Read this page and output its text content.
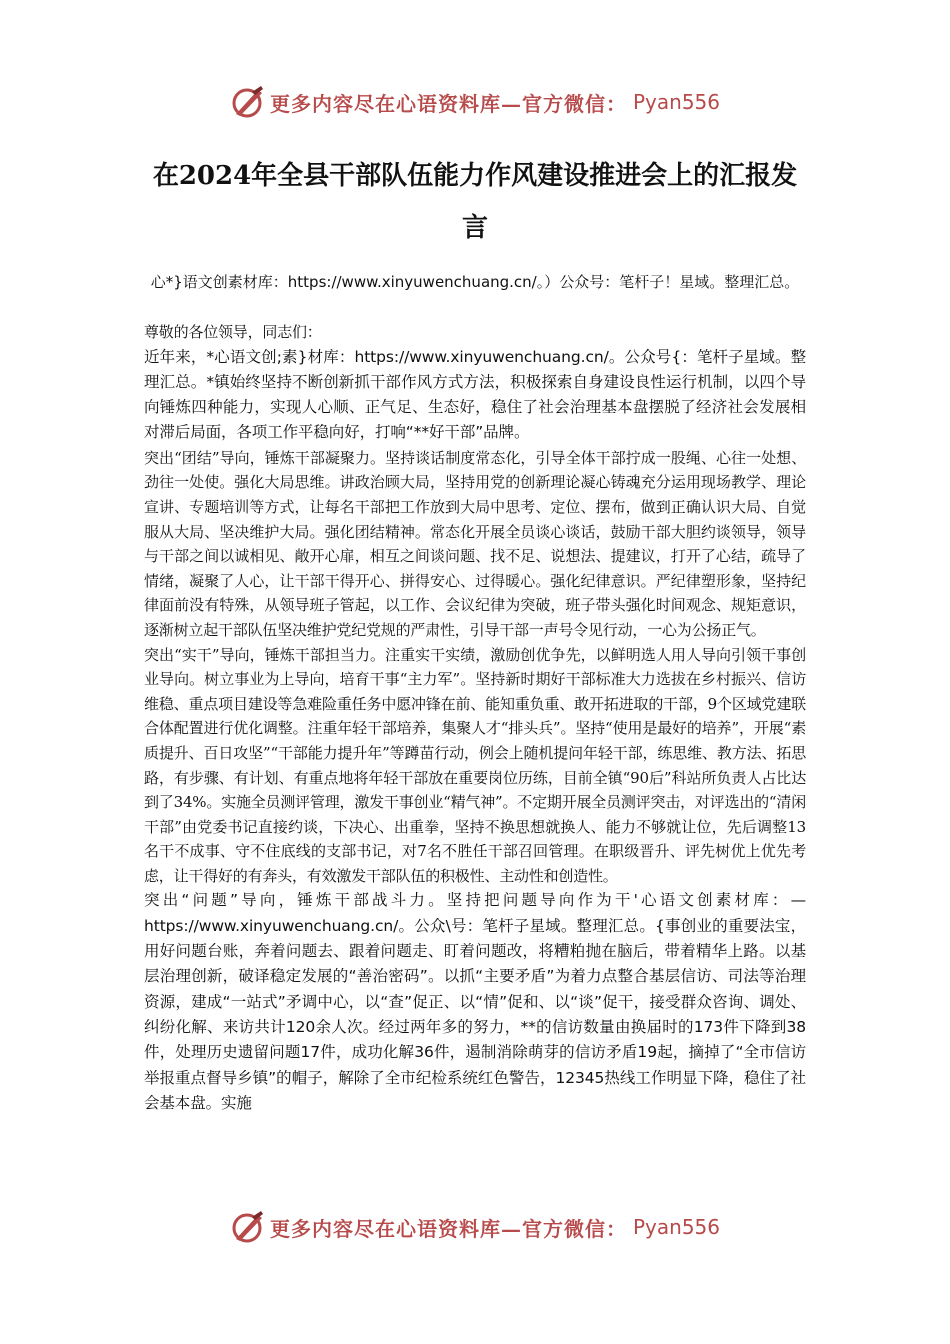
更多内容尽在心语资料库—官方微信： Pyan556
在2024年全县干部队伍能力作风建设推进会上的汇报发言
心*}语文创素材库：https://www.xinyuwenchuang.cn/。）公众号：笔杆子！星域。整理汇总。

尊敬的各位领导，同志们：

近年来，*心语文创;素}材库：https://www.xinyuwenchuang.cn/。公众号{：笔杆子星域。整理汇总。*镇始终坚持不断创新抓干部作风方式方法，积极探索自身建设良性运行机制，以四个导向锤炼四种能力，实现人心顺、正气足、生态好，稳住了社会治理基本盘摆脱了经济社会发展相对滞后局面，各项工作平稳向好，打响“**好干部”品牌。

突出“团结”导向，锤炼干部凝聚力。坚持谈话制度常态化，引导全体干部拧成一股绳、心往一处想、劲往一处使。强化大局思维。讲政治顾大局，坚持用党的创新理论凝心铸魂充分运用现场教学、理论宣讲、专题培训等方式，让每名干部把工作放到大局中思考、定位、摆布，做到正确认识大局、自觉服从大局、坚决维护大局。强化团结精神。常态化开展全员谈心谈话，鼓励干部大胆约谈领导，领导与干部之间以诚相见、敞开心扉，相互之间谈问题、找不足、说想法、提建议，打开了心结，疏导了情绪，凝聚了人心，让干部干得开心、拼得安心、过得暖心。强化纪律意识。严纪律塑形象，坚持纪律面前没有特殊，从领导班子管起，以工作、会议纪律为突破，班子带头强化时间观念、规矩意识，逐渐树立起干部队伍坚决维护党纪党规的严肃性，引导干部一声号令见行动，一心为公扬正气。

突出“实干”导向，锤炼干部担当力。注重实干实绩，激励创优争先，以鲜明选人用人导向引领干事创业导向。树立事业为上导向，培育干事“主力军”。坚持新时期好干部标准大力选拔在乡村振兴、信访维稳、重点项目建设等急难险重任务中愿冲锋在前、能知重负重、敢开拓进取的干部，9个区域党建联合体配置进行优化调整。注重年轻干部培养，集聚人才“排头兵”。坚持“使用是最好的培养”，开展“素质提升、百日攻坚”“干部能力提升年”等蹲苗行动，例会上随机提问年轻干部，练思维、教方法、拓思路，有步骤、有计划、有重点地将年轻干部放在重要岗位历练，目前全镇“90后”科站所负责人占比达到了34%。实施全员测评管理，激发干事创业“精气神”。不定期开展全员测评突击，对评选出的“清闲干部”由党委书记直接约谈，下决心、出重拳，坚持不换思想就换人、能力不够就让位，先后调整13名干不成事、守不住底线的支部书记，对7名不胜任干部召回管理。在职级晋升、评先树优上优先考虑，让干得好的有奔头，有效激发干部队伍的积极性、主动性和创造性。

突出“问题”导向，锤炼干部战斗力。坚持把问题导向作为干'心语文创素材库：—https://www.xinyuwenchuang.cn/。公众\号：笔杆子星域。整理汇总。{事创业的重要法宝，用好问题台账，奔着问题去、跟着问题走、盯着问题改，将糟粕抛在脑后，带着精华上路。以基层治理创新，破译稳定发展的“善治密码”。以抓“主要矛盾”为着力点整合基层信访、司法等治理资源，建成“一站式”矛调中心，以“查”促正、以“情”促和、以“谈”促干，接受群众咨询、调处、纠纷化解、来访共计120余人次。经过两年多的努力，**的信访数量由换届时的173件下降到38件，处理历史遗留问题17件，成功化解36件，遏制消除萌芽的信访矛盾19起，摘掉了“全市信访举报重点督导乡镇”的帽子，解除了全市纪检系统红色警告，12345热线工作明显下降，稳住了社会基本盘。实施

更多内容尽在心语资料库—官方微信： Pyan556
